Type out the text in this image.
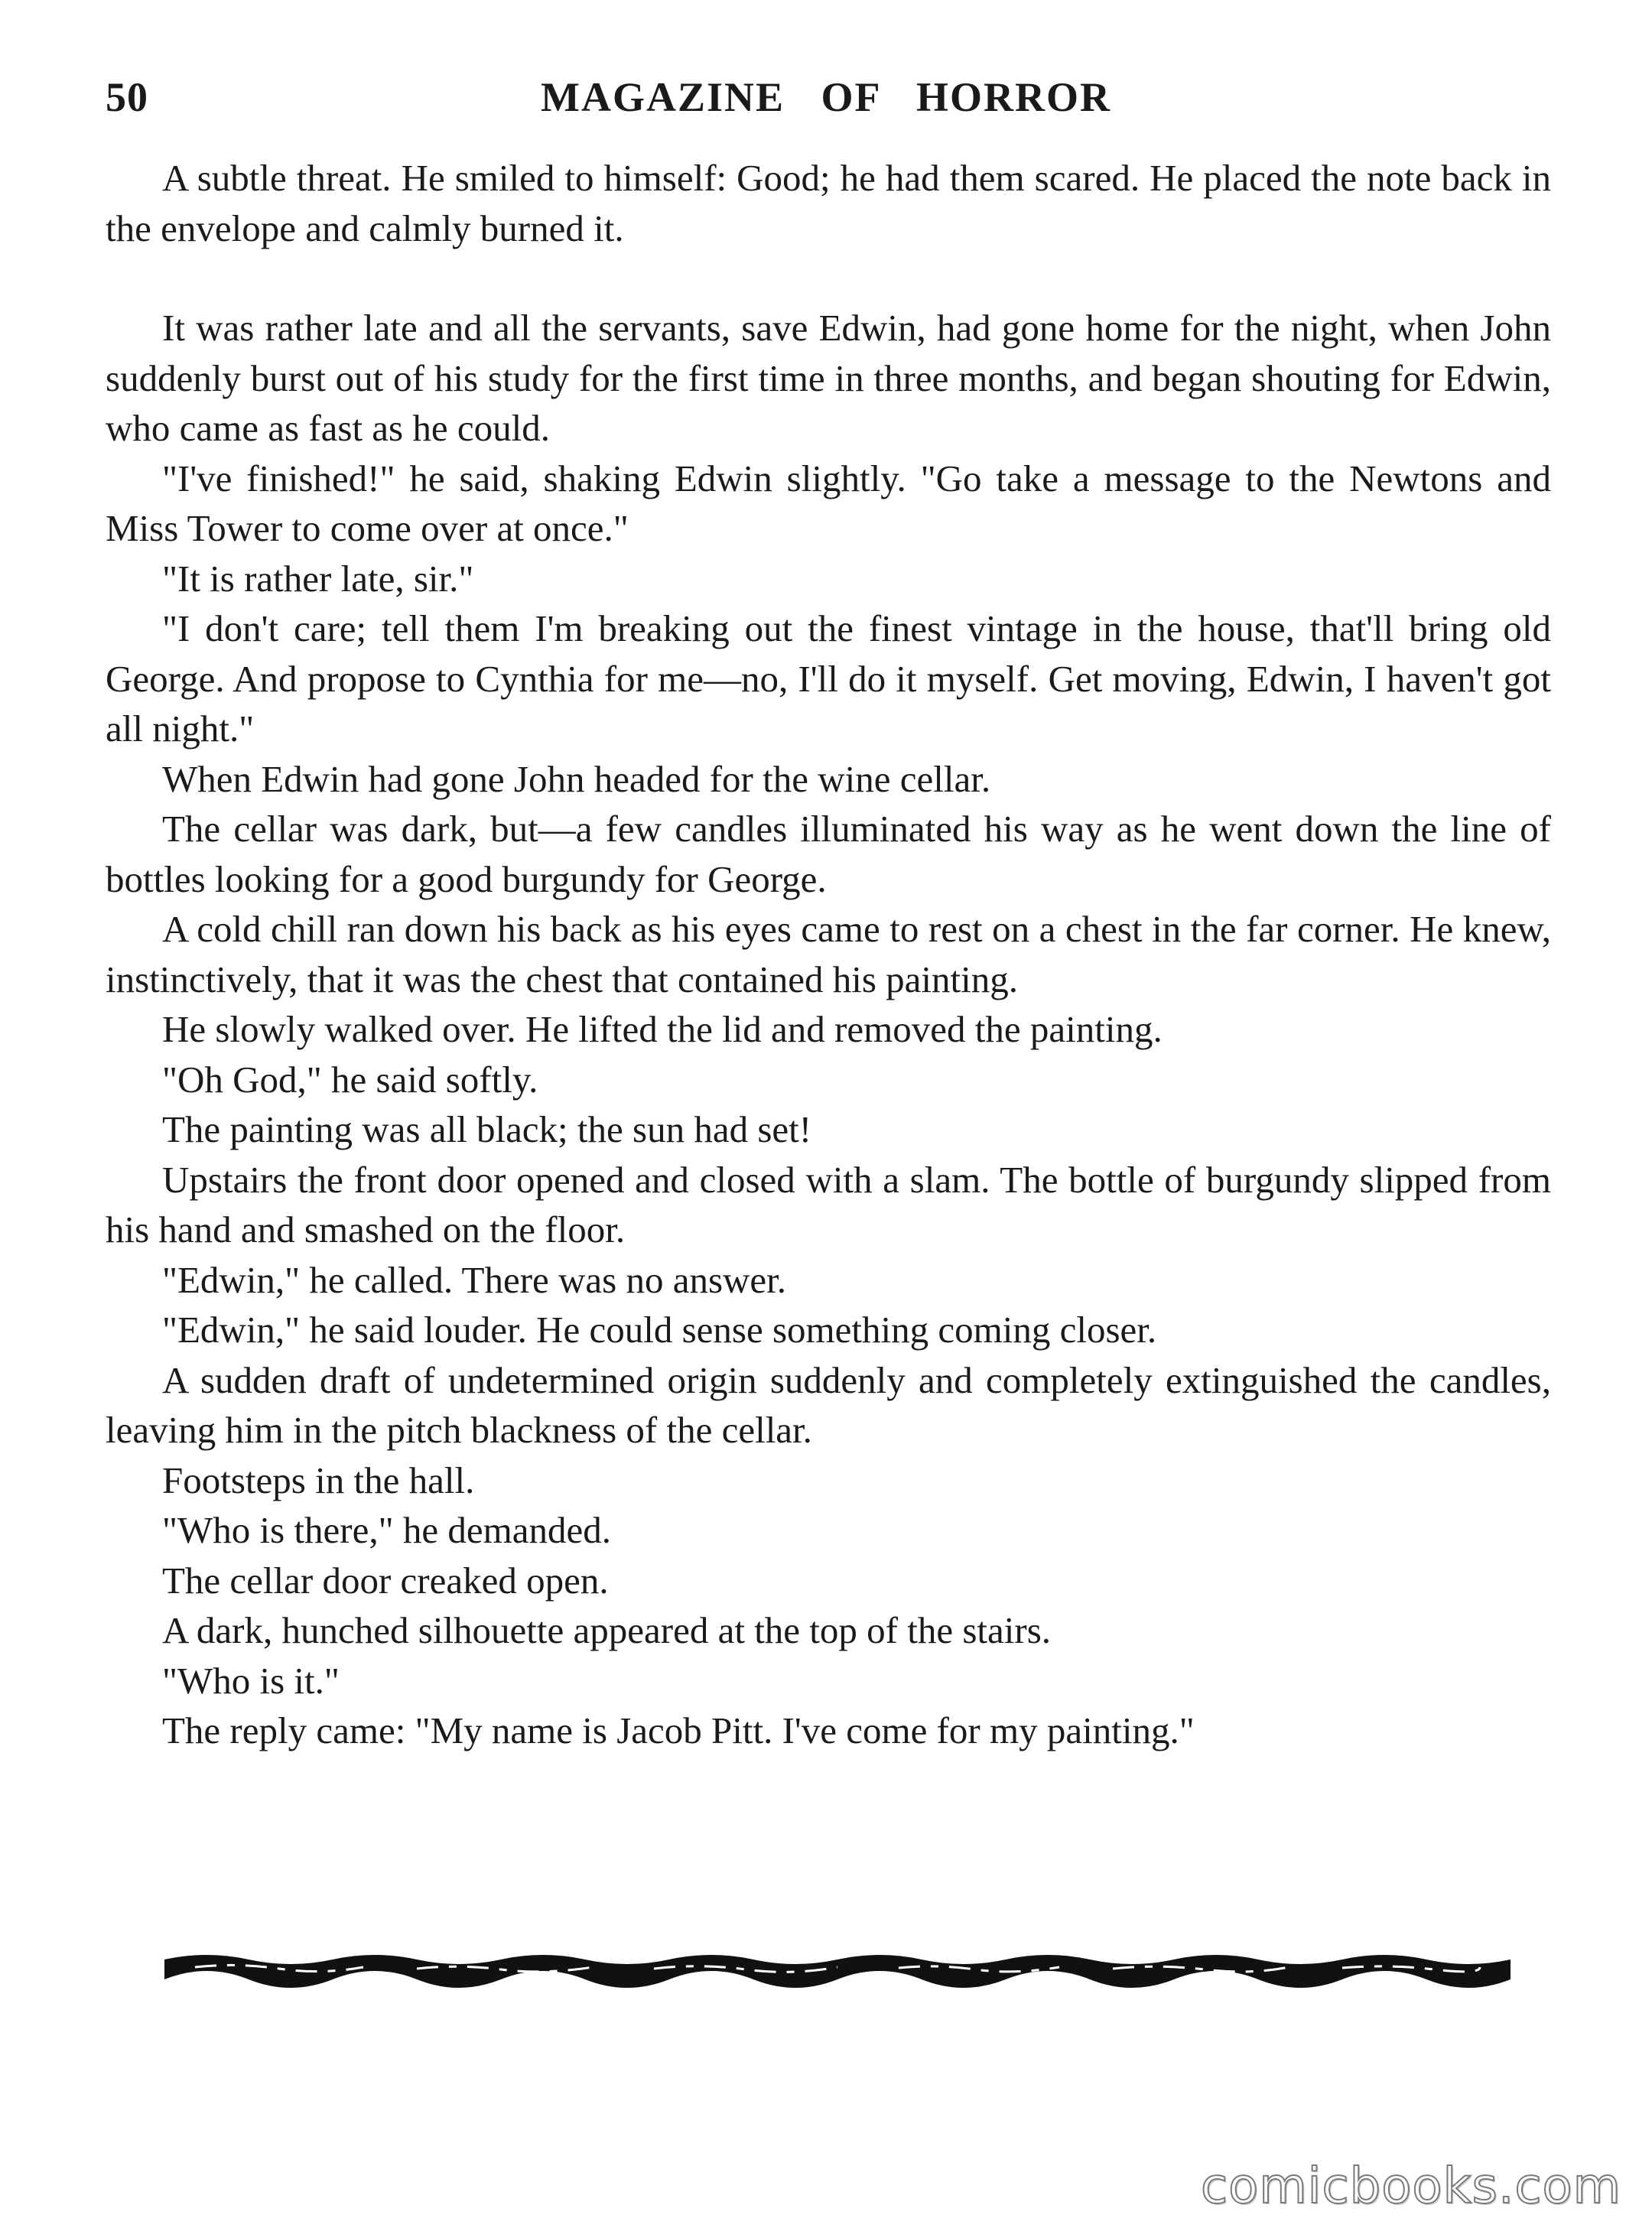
50	MAGAZINE OF HORROR

A subtle threat. He smiled to himself: Good; he had them scared. He placed the note back in the envelope and calmly burned it.

It was rather late and all the servants, save Edwin, had gone home for the night, when John suddenly burst out of his study for the first time in three months, and began shouting for Edwin, who came as fast as he could.

"I've finished!" he said, shaking Edwin slightly. "Go take a message to the Newtons and Miss Tower to come over at once."

"It is rather late, sir."

"I don't care; tell them I'm breaking out the finest vintage in the house, that'll bring old George. And propose to Cynthia for me—no, I'll do it myself. Get moving, Edwin, I haven't got all night."

When Edwin had gone John headed for the wine cellar.

The cellar was dark, but—a few candles illuminated his way as he went down the line of bottles looking for a good burgundy for George.

A cold chill ran down his back as his eyes came to rest on a chest in the far corner. He knew, instinctively, that it was the chest that contained his painting.

He slowly walked over. He lifted the lid and removed the painting.

"Oh God," he said softly.

The painting was all black; the sun had set!

Upstairs the front door opened and closed with a slam. The bottle of burgundy slipped from his hand and smashed on the floor.

"Edwin," he called. There was no answer.

"Edwin," he said louder. He could sense something coming closer.

A sudden draft of undetermined origin suddenly and completely extinguished the candles, leaving him in the pitch blackness of the cellar.

Footsteps in the hall.

"Who is there," he demanded.

The cellar door creaked open.

A dark, hunched silhouette appeared at the top of the stairs.

"Who is it."

The reply came: "My name is Jacob Pitt. I've come for my painting."

comicbooks.com
